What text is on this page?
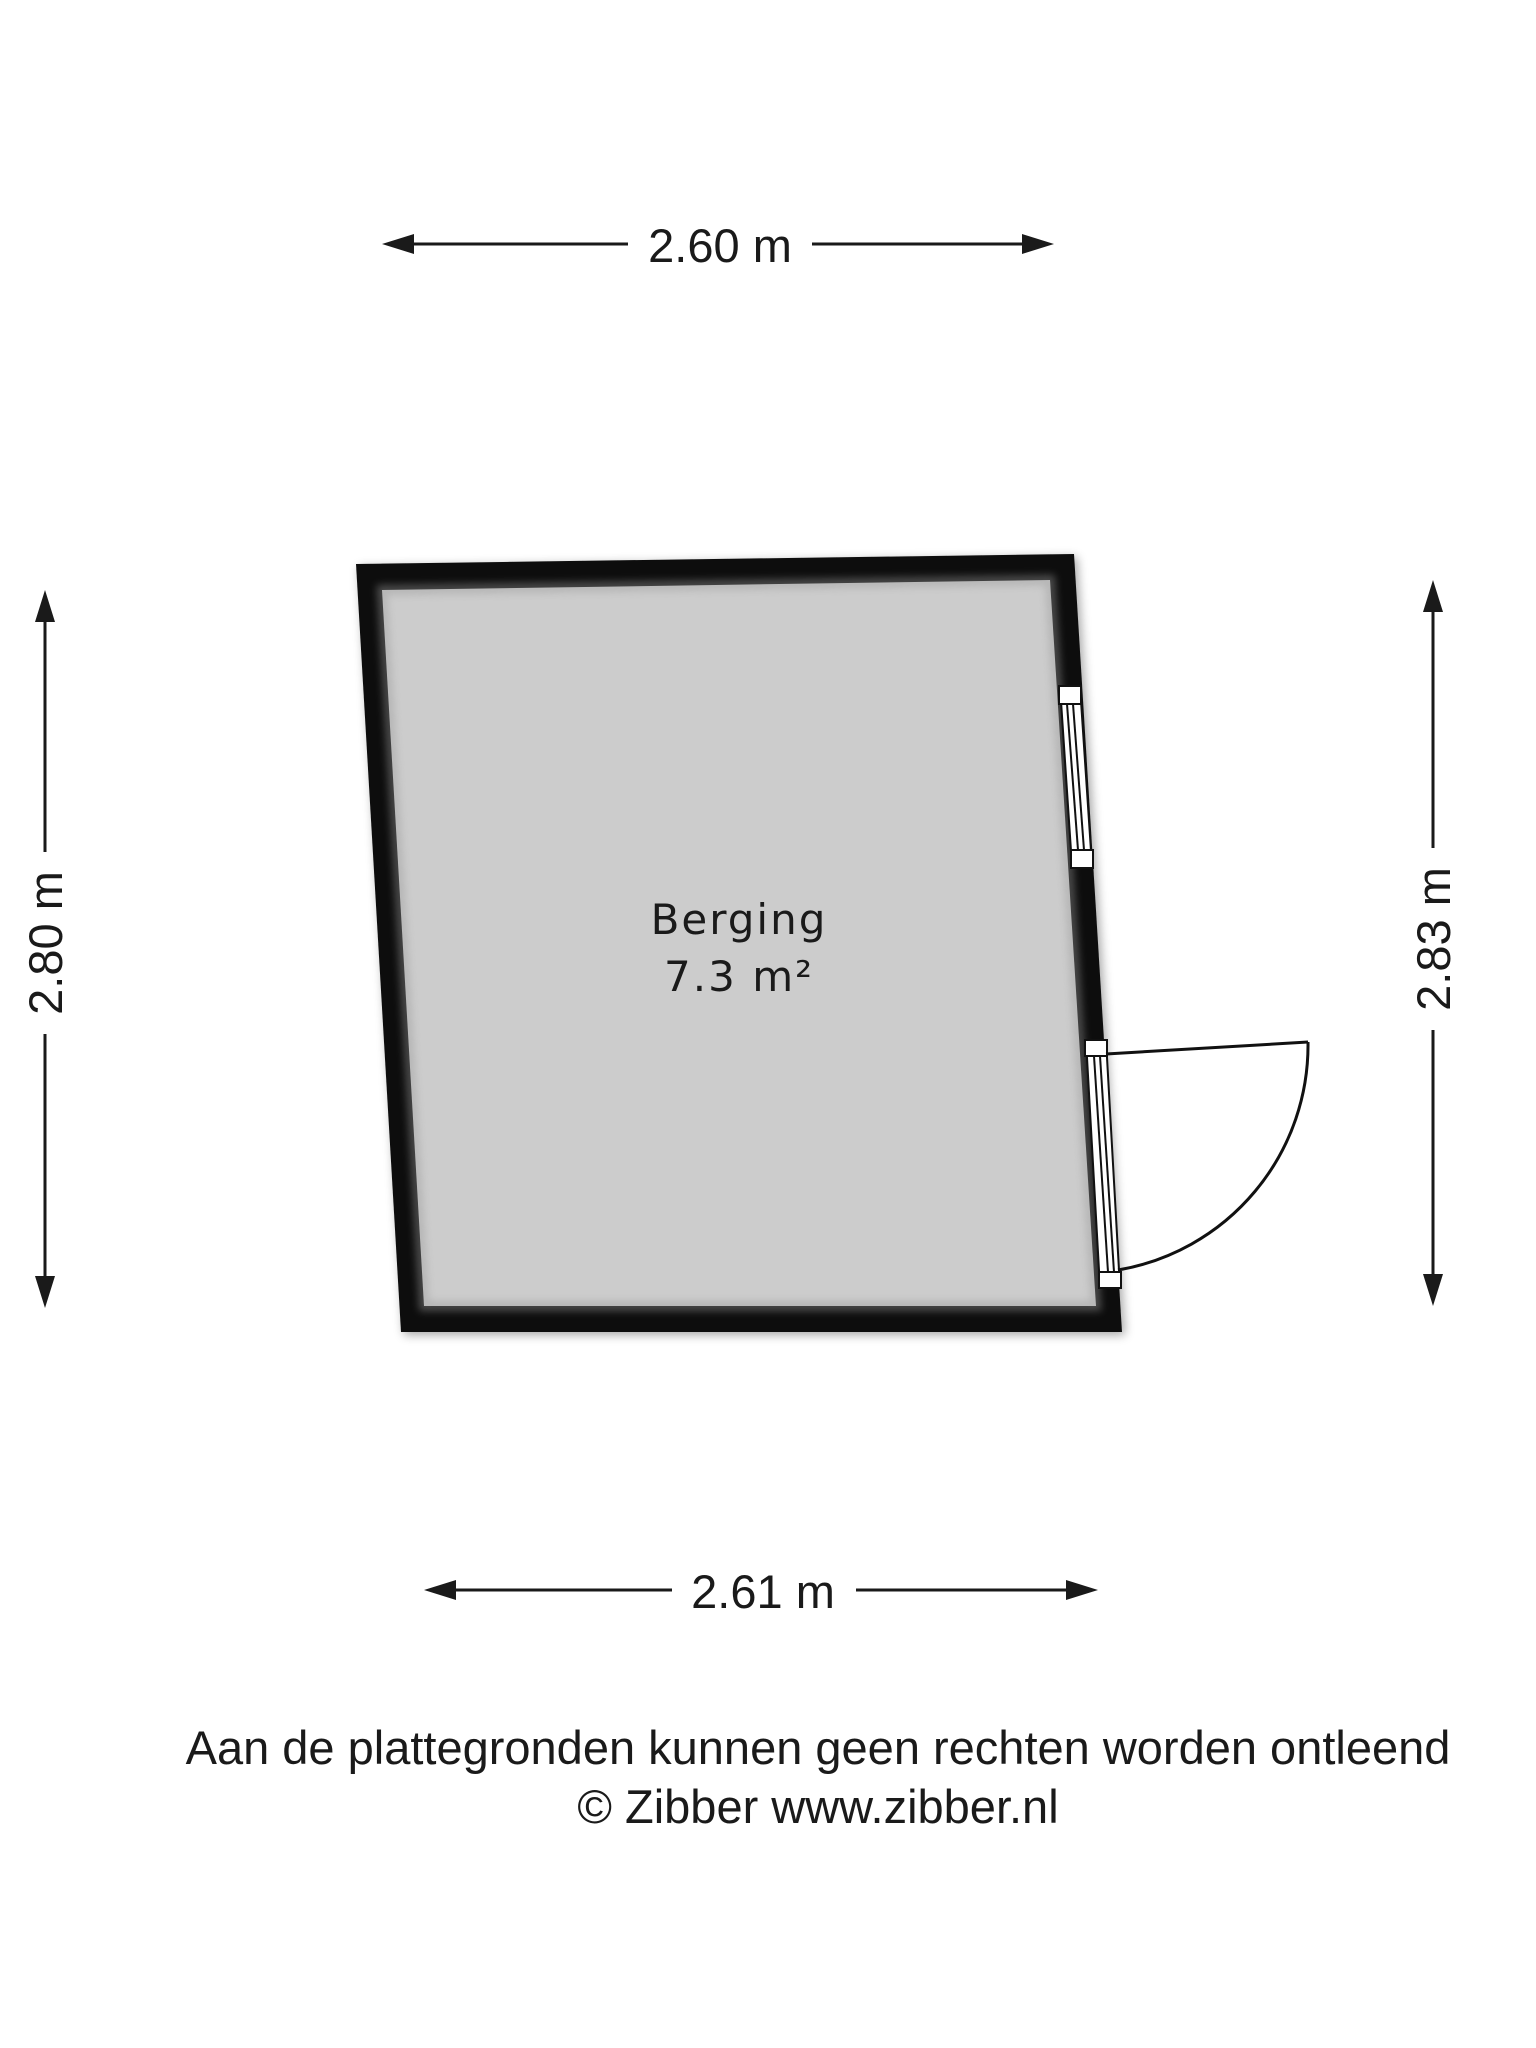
2.60 m
2.61 m
2.80 m	2.83 m
Berging
7.3 m²
Aan de plattegronden kunnen geen rechten worden ontleend
© Zibber www.zibber.nl
